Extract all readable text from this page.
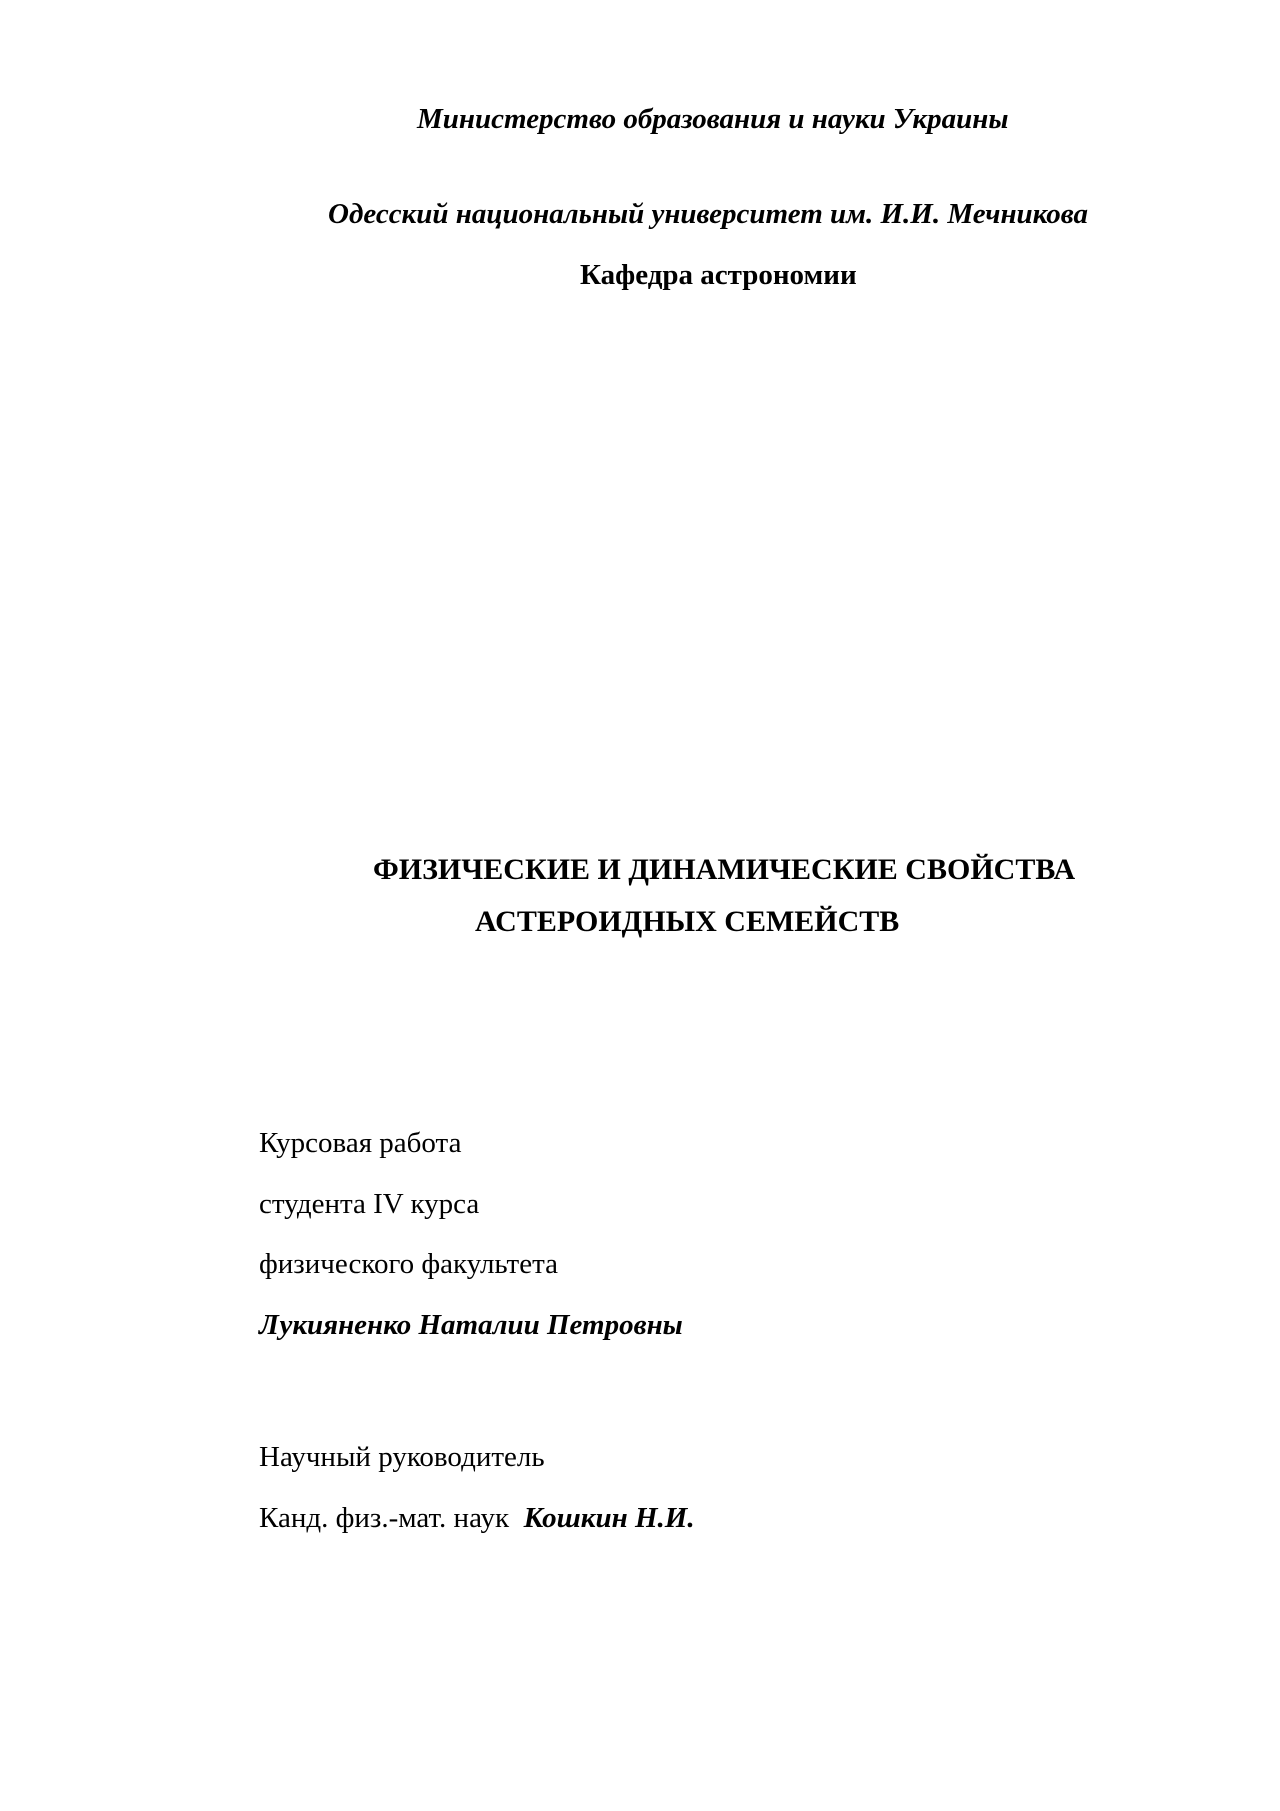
Министерство образования и науки Украины
Одесский национальный университет им. И.И. Мечникова
Кафедра астрономии
ФИЗИЧЕСКИЕ И ДИНАМИЧЕСКИЕ СВОЙСТВА
АСТЕРОИДНЫХ СЕМЕЙСТВ
Курсовая работа
студента IV курса
физического факультета
Лукияненко Наталии Петровны
Научный руководитель
Канд. физ.-мат. наук Кошкин Н.И.
